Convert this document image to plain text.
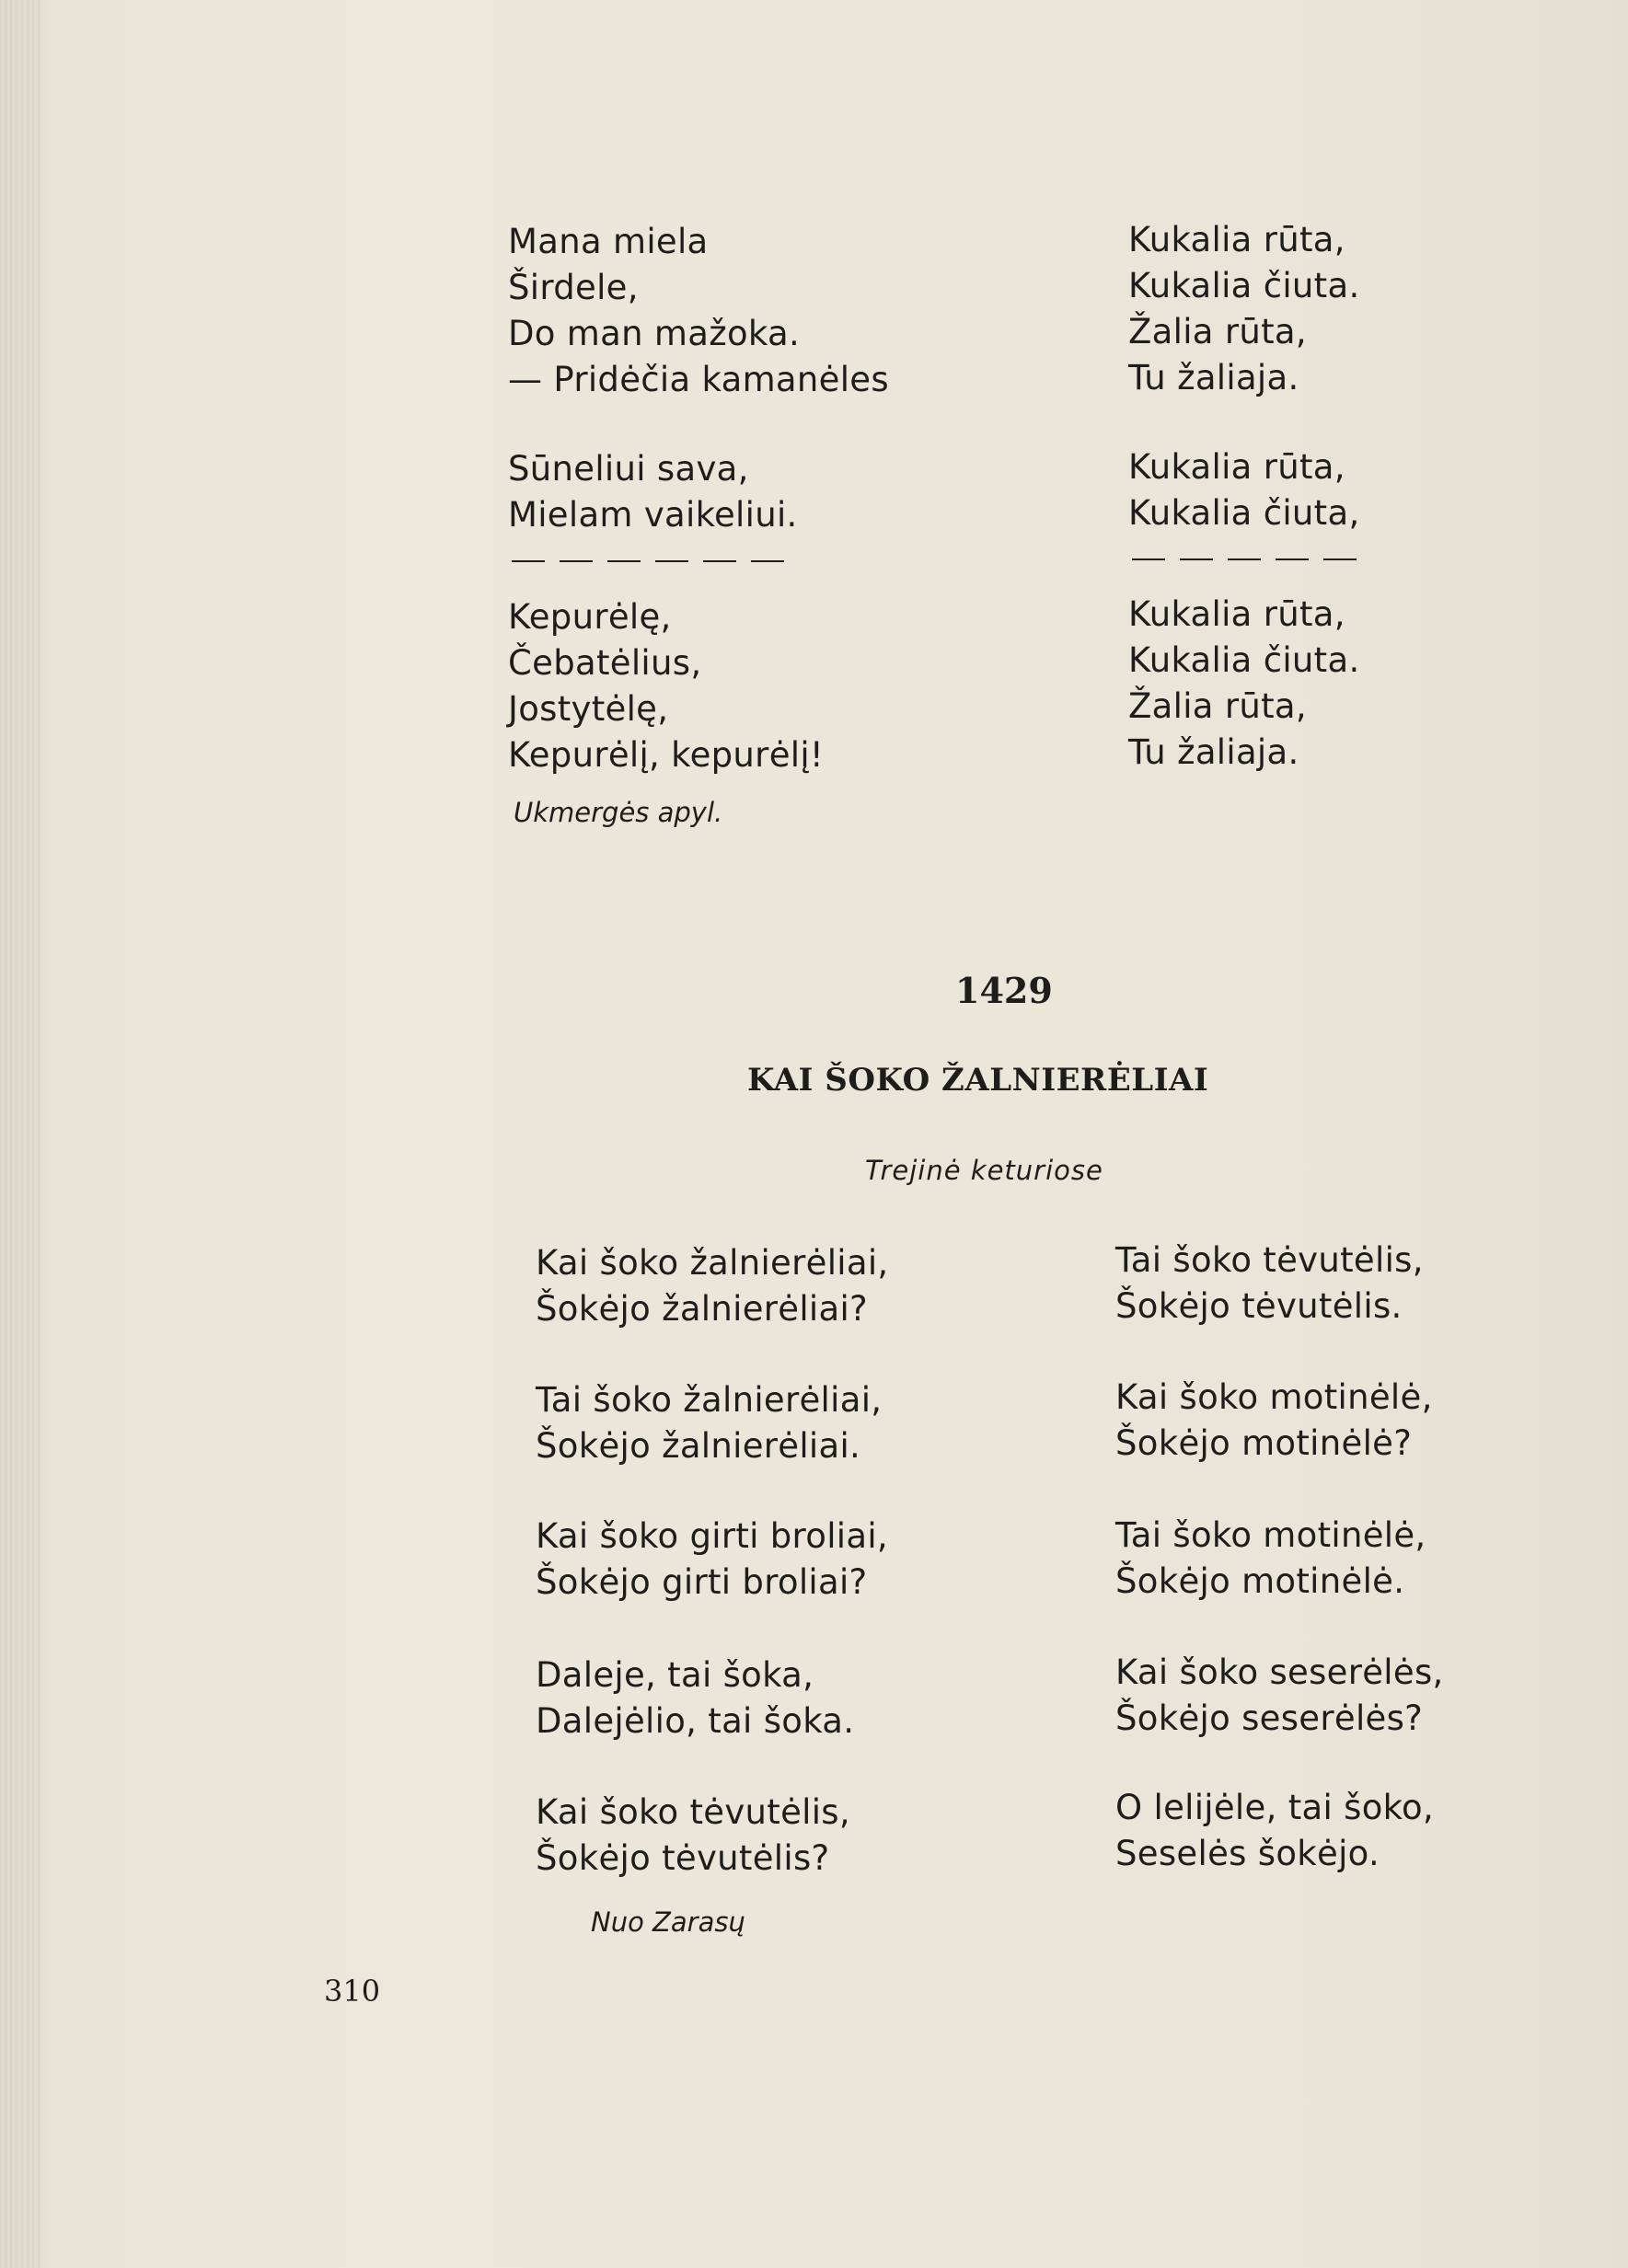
Mana miela
Širdele,
Do man mažoka.
— Pridėčia kamanėles
Sūneliui sava,
Mielam vaikeliui.
Kepurėlę,
Čebatėlius,
Jostytėlę,
Kepurėlį, kepurėlį!
Ukmergės apyl.
Kukalia rūta,
Kukalia čiuta.
Žalia rūta,
Tu žaliaja.
Kukalia rūta,
Kukalia čiuta,
Kukalia rūta,
Kukalia čiuta.
Žalia rūta,
Tu žaliaja.
1429
KAI ŠOKO ŽALNIERĖLIAI
Trejinė keturiose
Kai šoko žalnierėliai,
Šokėjo žalnierėliai?
Tai šoko žalnierėliai,
Šokėjo žalnierėliai.
Kai šoko girti broliai,
Šokėjo girti broliai?
Daleje, tai šoka,
Dalejėlio, tai šoka.
Kai šoko tėvutėlis,
Šokėjo tėvutėlis?
Nuo Zarasų
Tai šoko tėvutėlis,
Šokėjo tėvutėlis.
Kai šoko motinėlė,
Šokėjo motinėlė?
Tai šoko motinėlė,
Šokėjo motinėlė.
Kai šoko seserėlės,
Šokėjo seserėlės?
O lelijėle, tai šoko,
Seselės šokėjo.
310
